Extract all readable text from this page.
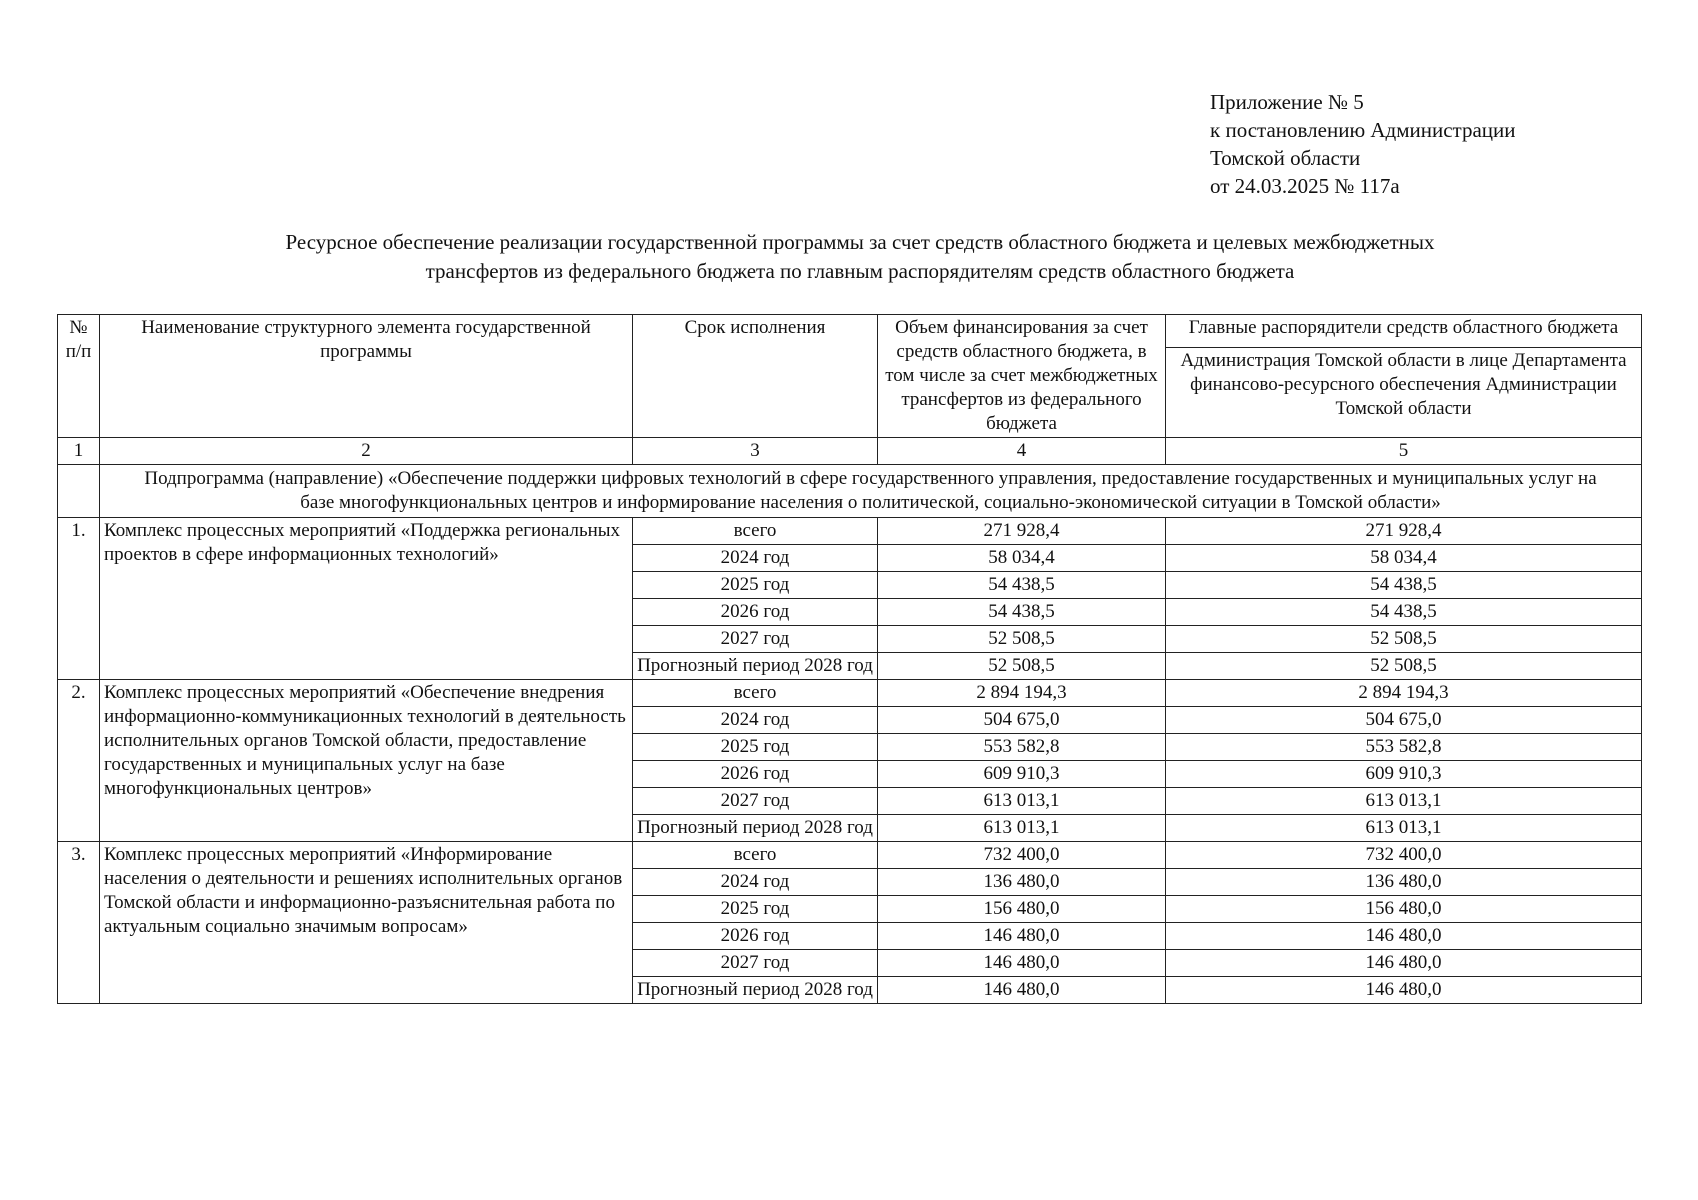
Приложение № 5
к постановлению Администрации
Томской области
от 24.03.2025 № 117а
Ресурсное обеспечение реализации государственной программы за счет средств областного бюджета и целевых межбюджетных
трансфертов из федерального бюджета по главным распорядителям средств областного бюджета
№ п/п	Наименование структурного элемента государственной программы	Срок исполнения	Объем финансирования за счет средств областного бюджета, в том числе за счет межбюджетных трансфертов из федерального бюджета	Главные распорядители средств областного бюджета
				Администрация Томской области в лице Департамента финансово-ресурсного обеспечения Администрации Томской области
1	2	3	4	5
	Подпрограмма (направление) «Обеспечение поддержки цифровых технологий в сфере государственного управления, предоставление государственных и муниципальных услуг на базе многофункциональных центров и информирование населения о политической, социально-экономической ситуации в Томской области»			
1.	Комплекс процессных мероприятий «Поддержка региональных проектов в сфере информационных технологий»	всего	271 928,4	271 928,4
		2024 год	58 034,4	58 034,4
		2025 год	54 438,5	54 438,5
		2026 год	54 438,5	54 438,5
		2027 год	52 508,5	52 508,5
		Прогнозный период 2028 год	52 508,5	52 508,5
2.	Комплекс процессных мероприятий «Обеспечение внедрения информационно-коммуникационных технологий в деятельность исполнительных органов Томской области, предоставление государственных и муниципальных услуг на базе многофункциональных центров»	всего	2 894 194,3	2 894 194,3
		2024 год	504 675,0	504 675,0
		2025 год	553 582,8	553 582,8
		2026 год	609 910,3	609 910,3
		2027 год	613 013,1	613 013,1
		Прогнозный период 2028 год	613 013,1	613 013,1
3.	Комплекс процессных мероприятий «Информирование населения о деятельности и решениях исполнительных органов Томской области и информационно-разъяснительная работа по актуальным социально значимым вопросам»	всего	732 400,0	732 400,0
		2024 год	136 480,0	136 480,0
		2025 год	156 480,0	156 480,0
		2026 год	146 480,0	146 480,0
		2027 год	146 480,0	146 480,0
		Прогнозный период 2028 год	146 480,0	146 480,0
